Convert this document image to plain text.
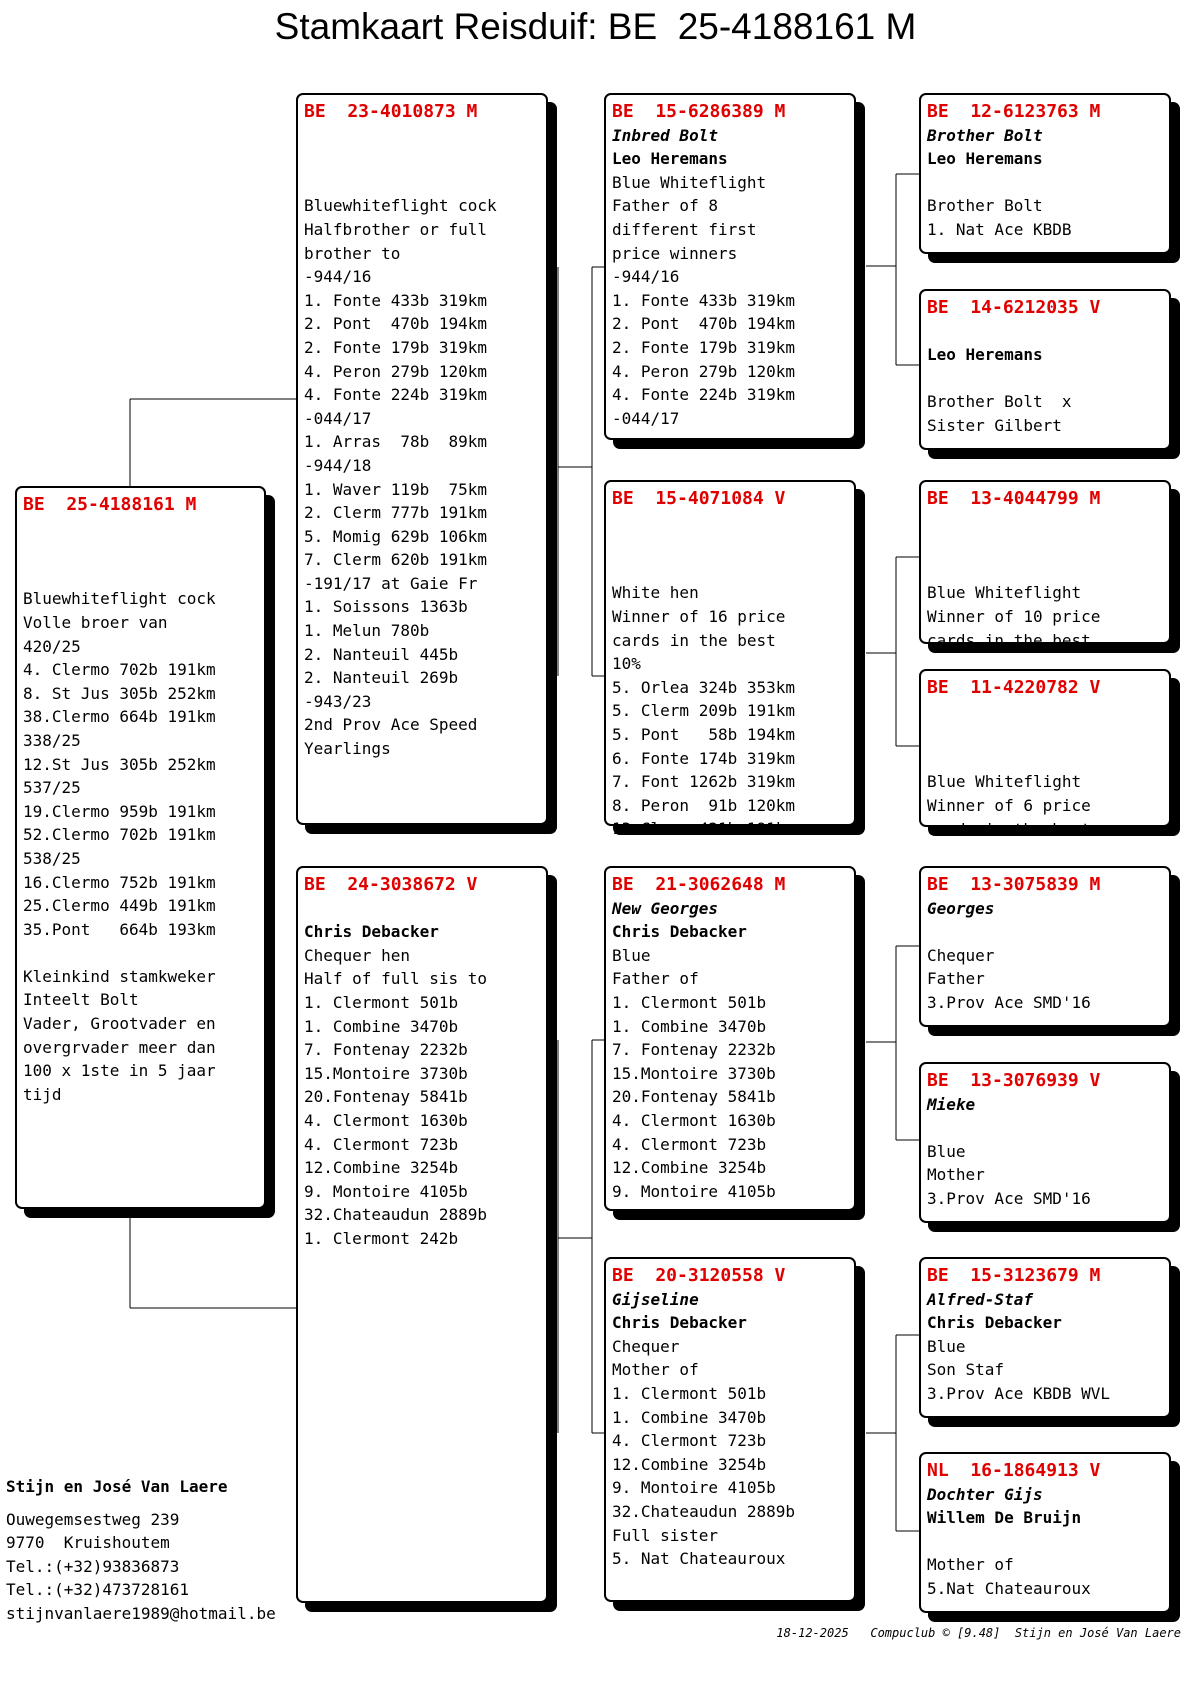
Stamkaart Reisduif: BE  25-4188161 M
BE  25-4188161 M
Bluewhiteflight cock
Volle broer van
420/25
4. Clermo 702b 191km
8. St Jus 305b 252km
38.Clermo 664b 191km
338/25
12.St Jus 305b 252km
537/25
19.Clermo 959b 191km
52.Clermo 702b 191km
538/25
16.Clermo 752b 191km
25.Clermo 449b 191km
35.Pont   664b 193km
Kleinkind stamkweker
Inteelt Bolt
Vader, Grootvader en
overgrvader meer dan
100 x 1ste in 5 jaar
tijd
BE  23-4010873 M
Bluewhiteflight cock
Halfbrother or full
brother to
-944/16
1. Fonte 433b 319km
2. Pont  470b 194km
2. Fonte 179b 319km
4. Peron 279b 120km
4. Fonte 224b 319km
-044/17
1. Arras  78b  89km
-944/18
1. Waver 119b  75km
2. Clerm 777b 191km
5. Momig 629b 106km
7. Clerm 620b 191km
-191/17 at Gaie Fr
1. Soissons 1363b
1. Melun 780b
2. Nanteuil 445b
2. Nanteuil 269b
-943/23
2nd Prov Ace Speed
Yearlings
BE  24-3038672 V
Chris Debacker
Chequer hen
Half of full sis to
1. Clermont 501b
1. Combine 3470b
7. Fontenay 2232b
15.Montoire 3730b
20.Fontenay 5841b
4. Clermont 1630b
4. Clermont 723b
12.Combine 3254b
9. Montoire 4105b
32.Chateaudun 2889b
1. Clermont 242b
BE  15-6286389 M
Inbred Bolt
Leo Heremans
Blue Whiteflight
Father of 8
different first
price winners
-944/16
1. Fonte 433b 319km
2. Pont  470b 194km
2. Fonte 179b 319km
4. Peron 279b 120km
4. Fonte 224b 319km
-044/17
BE  15-4071084 V
White hen
Winner of 16 price
cards in the best
10%
5. Orlea 324b 353km
5. Clerm 209b 191km
5. Pont   58b 194km
6. Fonte 174b 319km
7. Font 1262b 319km
8. Peron  91b 120km
13.Clerm 421b 191km
BE  21-3062648 M
New Georges
Chris Debacker
Blue
Father of
1. Clermont 501b
1. Combine 3470b
7. Fontenay 2232b
15.Montoire 3730b
20.Fontenay 5841b
4. Clermont 1630b
4. Clermont 723b
12.Combine 3254b
9. Montoire 4105b
BE  20-3120558 V
Gijseline
Chris Debacker
Chequer
Mother of
1. Clermont 501b
1. Combine 3470b
4. Clermont 723b
12.Combine 3254b
9. Montoire 4105b
32.Chateaudun 2889b
Full sister
5. Nat Chateauroux
BE  12-6123763 M
Brother Bolt
Leo Heremans
Brother Bolt
1. Nat Ace KBDB
BE  14-6212035 V
Leo Heremans
Brother Bolt  x
Sister Gilbert
BE  13-4044799 M
Blue Whiteflight
Winner of 10 price
cards in the best
BE  11-4220782 V
Blue Whiteflight
Winner of 6 price
cards in the best
BE  13-3075839 M
Georges
Chequer
Father
3.Prov Ace SMD'16
BE  13-3076939 V
Mieke
Blue
Mother
3.Prov Ace SMD'16
BE  15-3123679 M
Alfred-Staf
Chris Debacker
Blue
Son Staf
3.Prov Ace KBDB WVL
NL  16-1864913 V
Dochter Gijs
Willem De Bruijn
Mother of
5.Nat Chateauroux
Stijn en José Van Laere
Ouwegemsestweg 239
9770  Kruishoutem
Tel.:(+32)93836873
Tel.:(+32)473728161
stijnvanlaere1989@hotmail.be
18-12-2025   Compuclub © [9.48]  Stijn en José Van Laere
